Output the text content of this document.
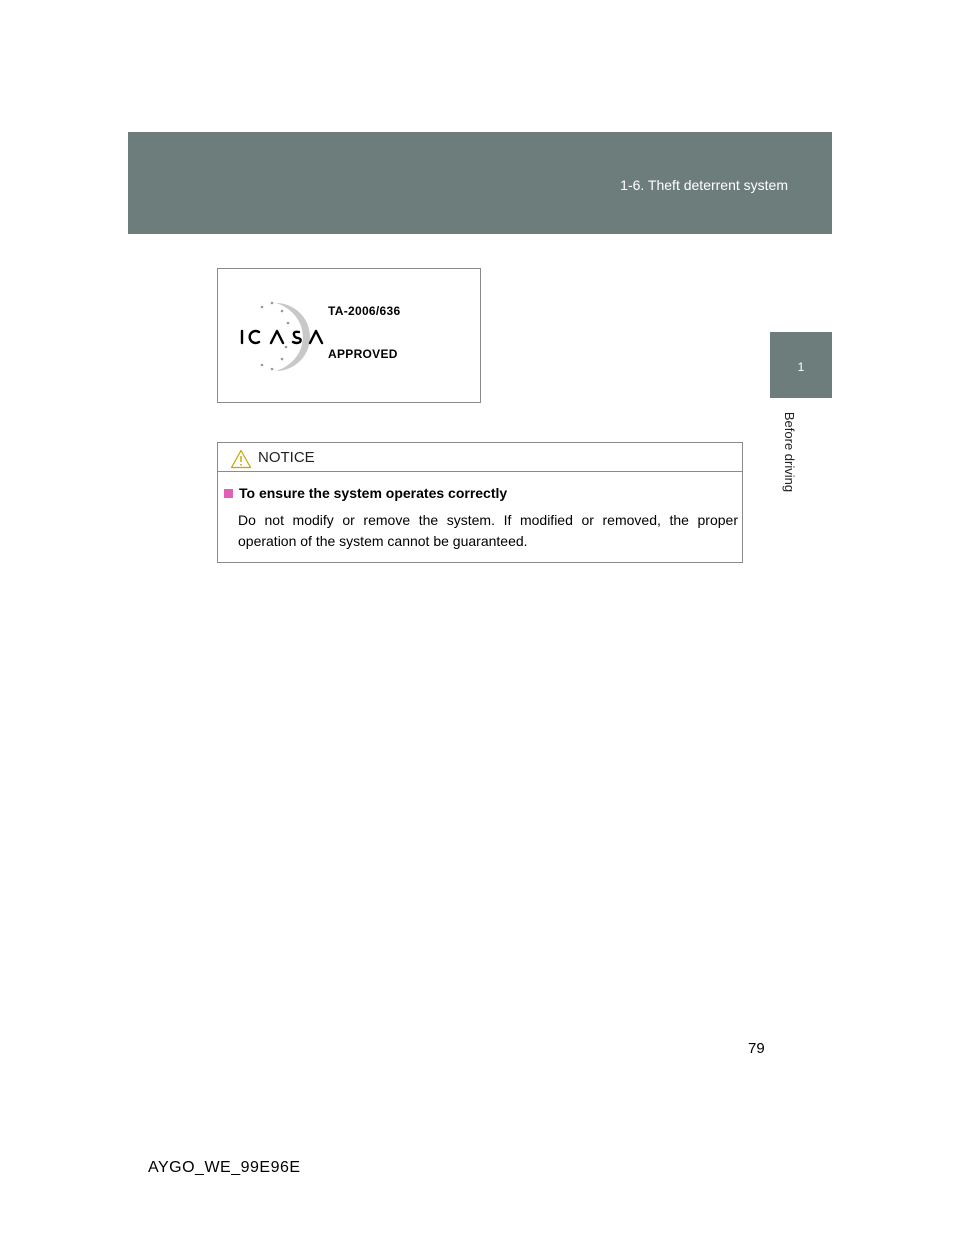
1-6. Theft deterrent system
1
Before driving
TA-2006/636
APPROVED
NOTICE
To ensure the system operates correctly
Do not modify or remove the system. If modified or removed, the proper operation of the system cannot be guaranteed.
79
AYGO_WE_99E96E
